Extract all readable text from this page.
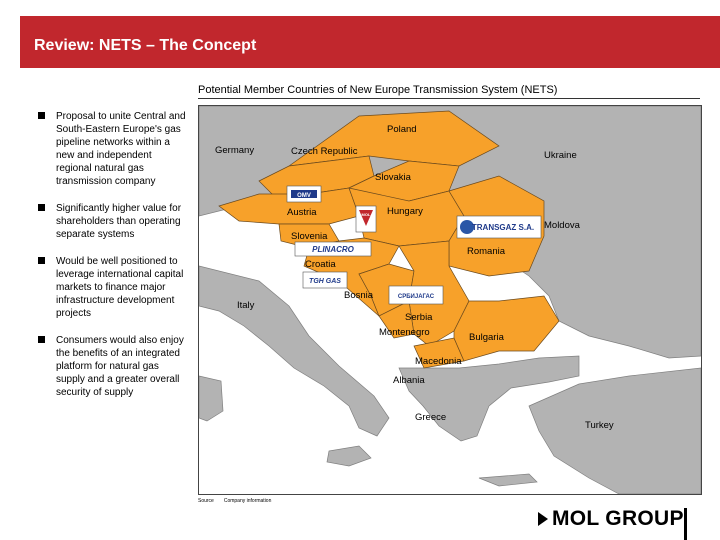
Review: NETS – The Concept
Potential Member Countries of New Europe Transmission System (NETS)
Proposal to unite Central and South-Eastern Europe's gas pipeline networks within a new and independent regional natural gas transmission company
Significantly higher value for shareholders than operating separate systems
Would be well positioned to leverage international capital markets to finance major infrastructure development projects
Consumers would also enjoy the benefits of an integrated platform for natural gas supply and a greater overall security of supply
Poland
Germany	Czech Republic	Ukraine
Slovakia
Austria	Hungary
Moldova
Slovenia
Romania
Croatia
Bosnia
Italy
Serbia
Montenegro	Bulgaria
Macedonia
Albania
Greece
Turkey
OMV
MOL
TRANSGAZ S.A.
PLINACRO
TGH GAS
СРБИЈАГАС
Source Company information
MOL GROUP
